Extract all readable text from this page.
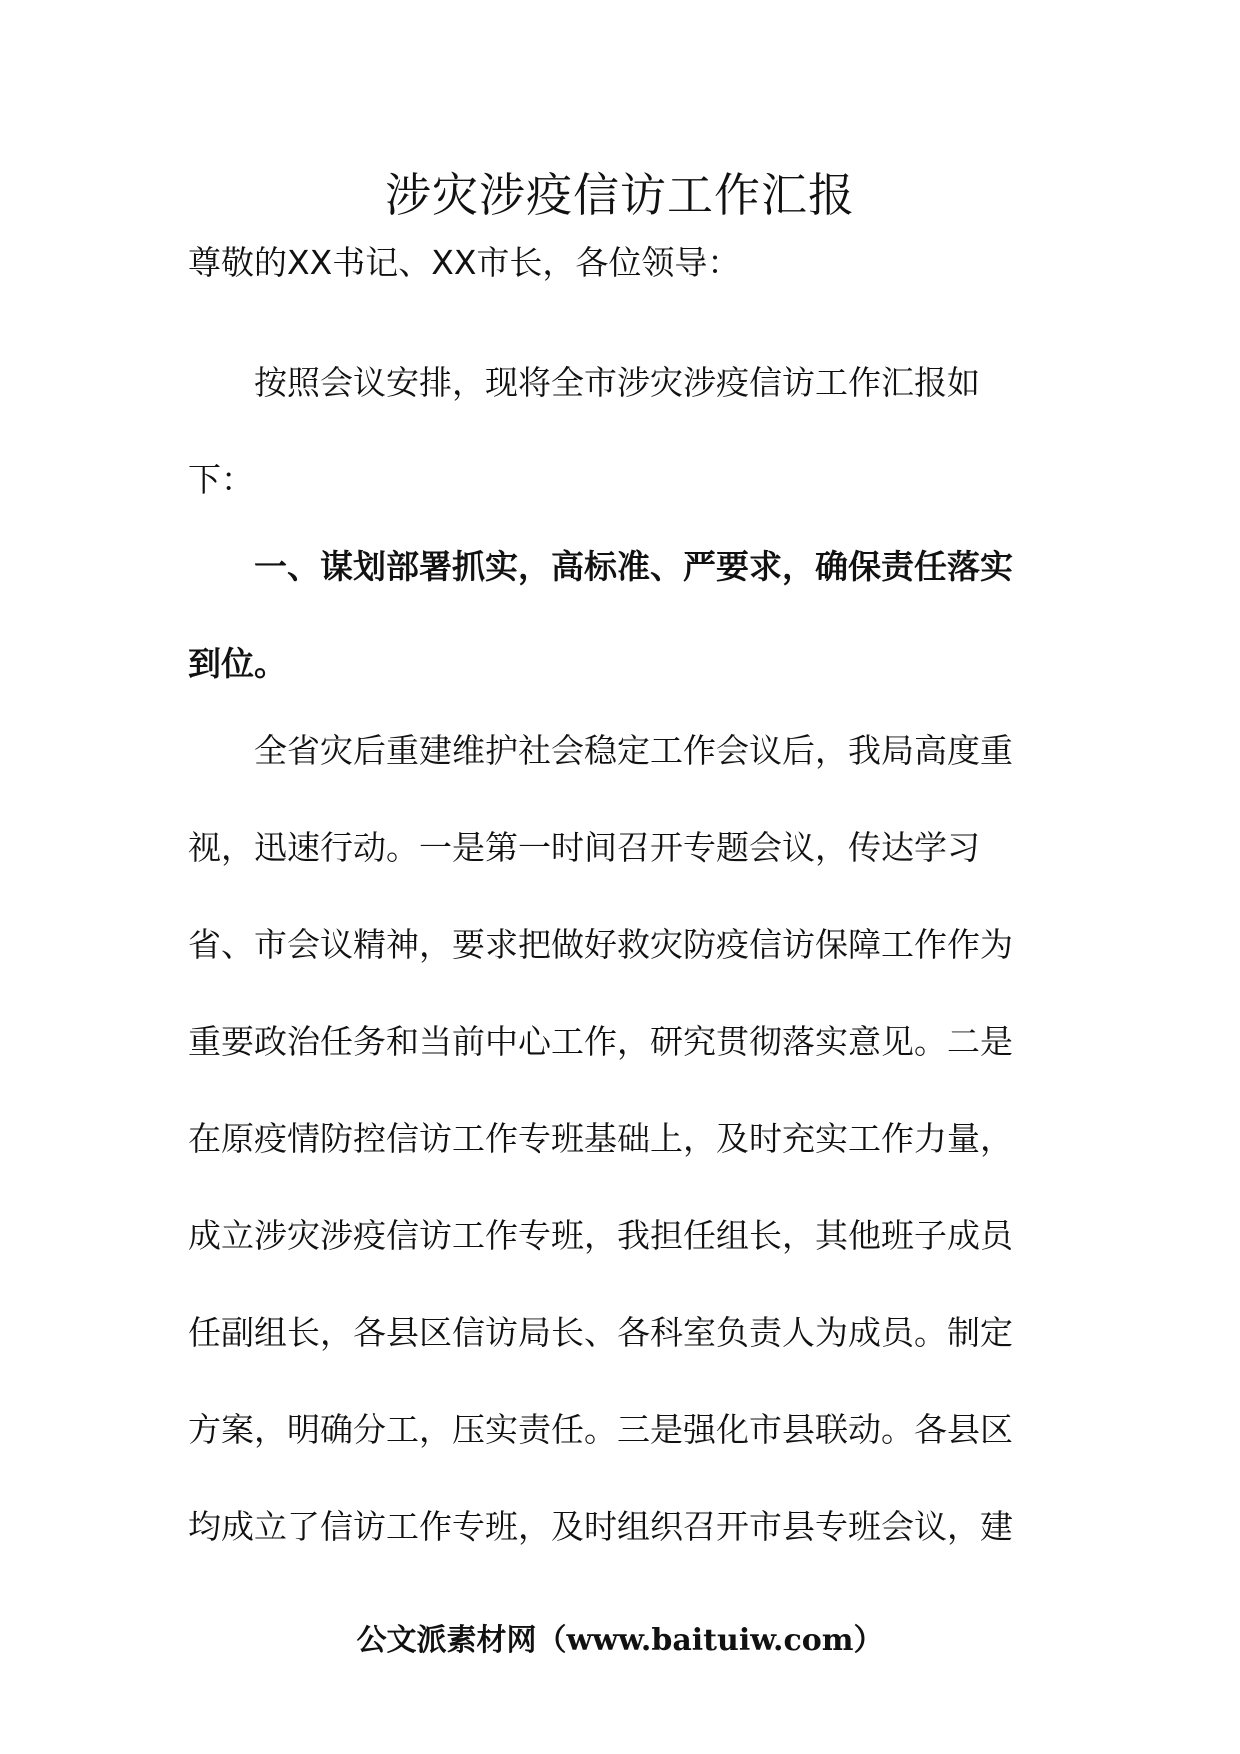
涉灾涉疫信访工作汇报
尊敬的XX书记、XX市长，各位领导：
按照会议安排，现将全市涉灾涉疫信访工作汇报如
下：
一、谋划部署抓实，高标准、严要求，确保责任落实
到位。
全省灾后重建维护社会稳定工作会议后，我局高度重
视，迅速行动。一是第一时间召开专题会议，传达学习
省、市会议精神，要求把做好救灾防疫信访保障工作作为
重要政治任务和当前中心工作，研究贯彻落实意见。二是
在原疫情防控信访工作专班基础上，及时充实工作力量，
成立涉灾涉疫信访工作专班，我担任组长，其他班子成员
任副组长，各县区信访局长、各科室负责人为成员。制定
方案，明确分工，压实责任。三是强化市县联动。各县区
均成立了信访工作专班，及时组织召开市县专班会议，建
公文派素材网（www.baituiw.com）
